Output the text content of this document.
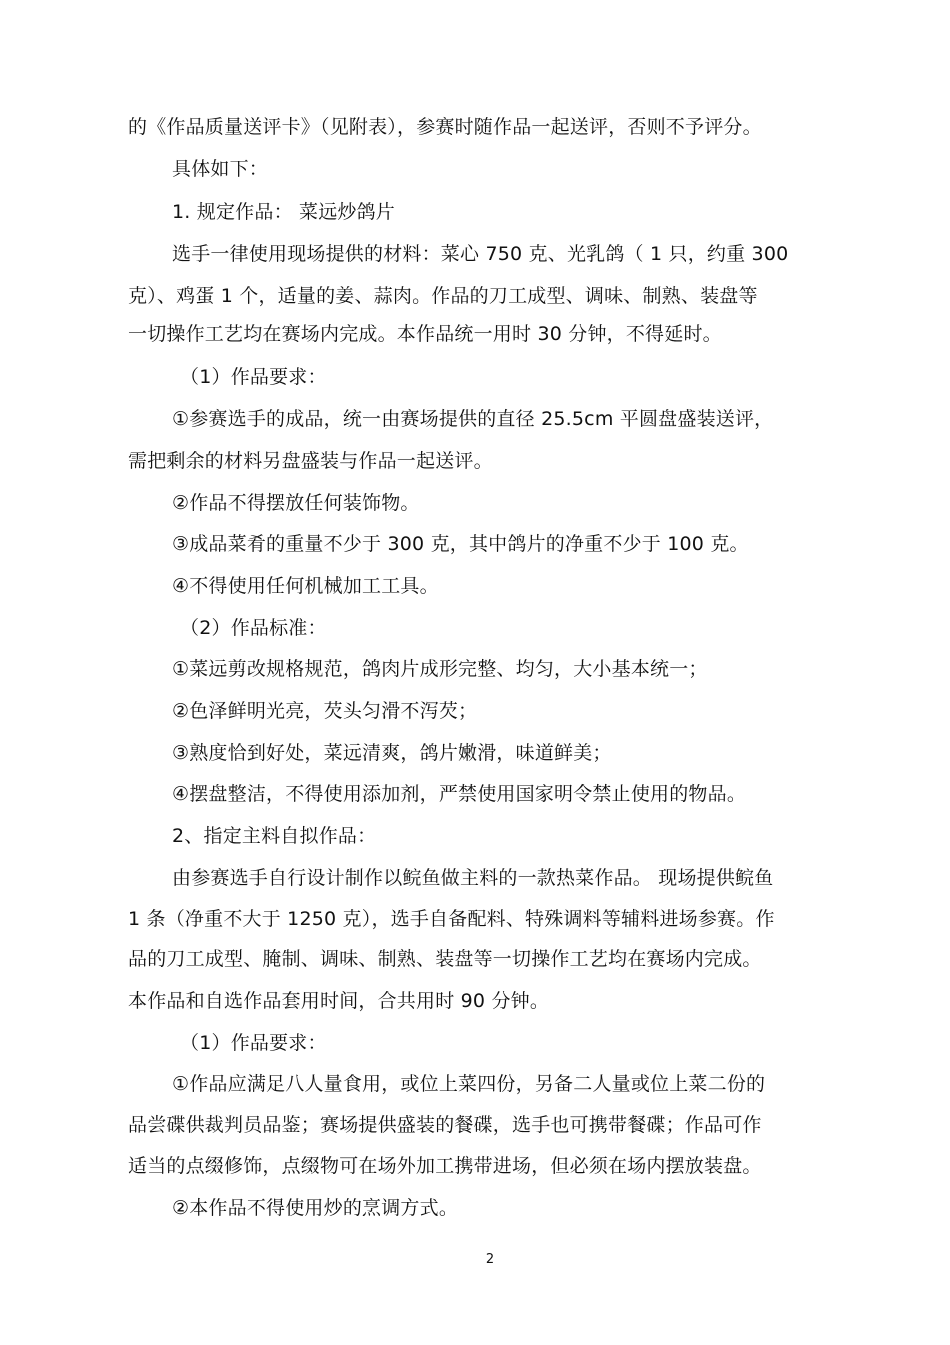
的《作品质量送评卡》（见附表），参赛时随作品一起送评，否则不予评分。
具体如下：
1. 规定作品： 菜远炒鸽片
选手一律使用现场提供的材料：菜心 750 克、光乳鸽（ 1 只，约重 300
克）、鸡蛋 1 个，适量的姜、蒜肉。作品的刀工成型、调味、制熟、装盘等
一切操作工艺均在赛场内完成。本作品统一用时 30 分钟，不得延时。
（1）作品要求：
①参赛选手的成品，统一由赛场提供的直径 25.5cm 平圆盘盛装送评，
需把剩余的材料另盘盛装与作品一起送评。
②作品不得摆放任何装饰物。
③成品菜肴的重量不少于 300 克，其中鸽片的净重不少于 100 克。
④不得使用任何机械加工工具。
（2）作品标准：
①菜远剪改规格规范，鸽肉片成形完整、均匀，大小基本统一；
②色泽鲜明光亮，芡头匀滑不泻芡；
③熟度恰到好处，菜远清爽，鸽片嫩滑，味道鲜美；
④摆盘整洁，不得使用添加剂，严禁使用国家明令禁止使用的物品。
2、指定主料自拟作品：
由参赛选手自行设计制作以鲩鱼做主料的一款热菜作品。 现场提供鲩鱼
1 条（净重不大于 1250 克），选手自备配料、特殊调料等辅料进场参赛。作
品的刀工成型、腌制、调味、制熟、装盘等一切操作工艺均在赛场内完成。
本作品和自选作品套用时间，合共用时 90 分钟。
（1）作品要求：
①作品应满足八人量食用，或位上菜四份，另备二人量或位上菜二份的
品尝碟供裁判员品鉴；赛场提供盛装的餐碟，选手也可携带餐碟；作品可作
适当的点缀修饰，点缀物可在场外加工携带进场，但必须在场内摆放装盘。
②本作品不得使用炒的烹调方式。
2
